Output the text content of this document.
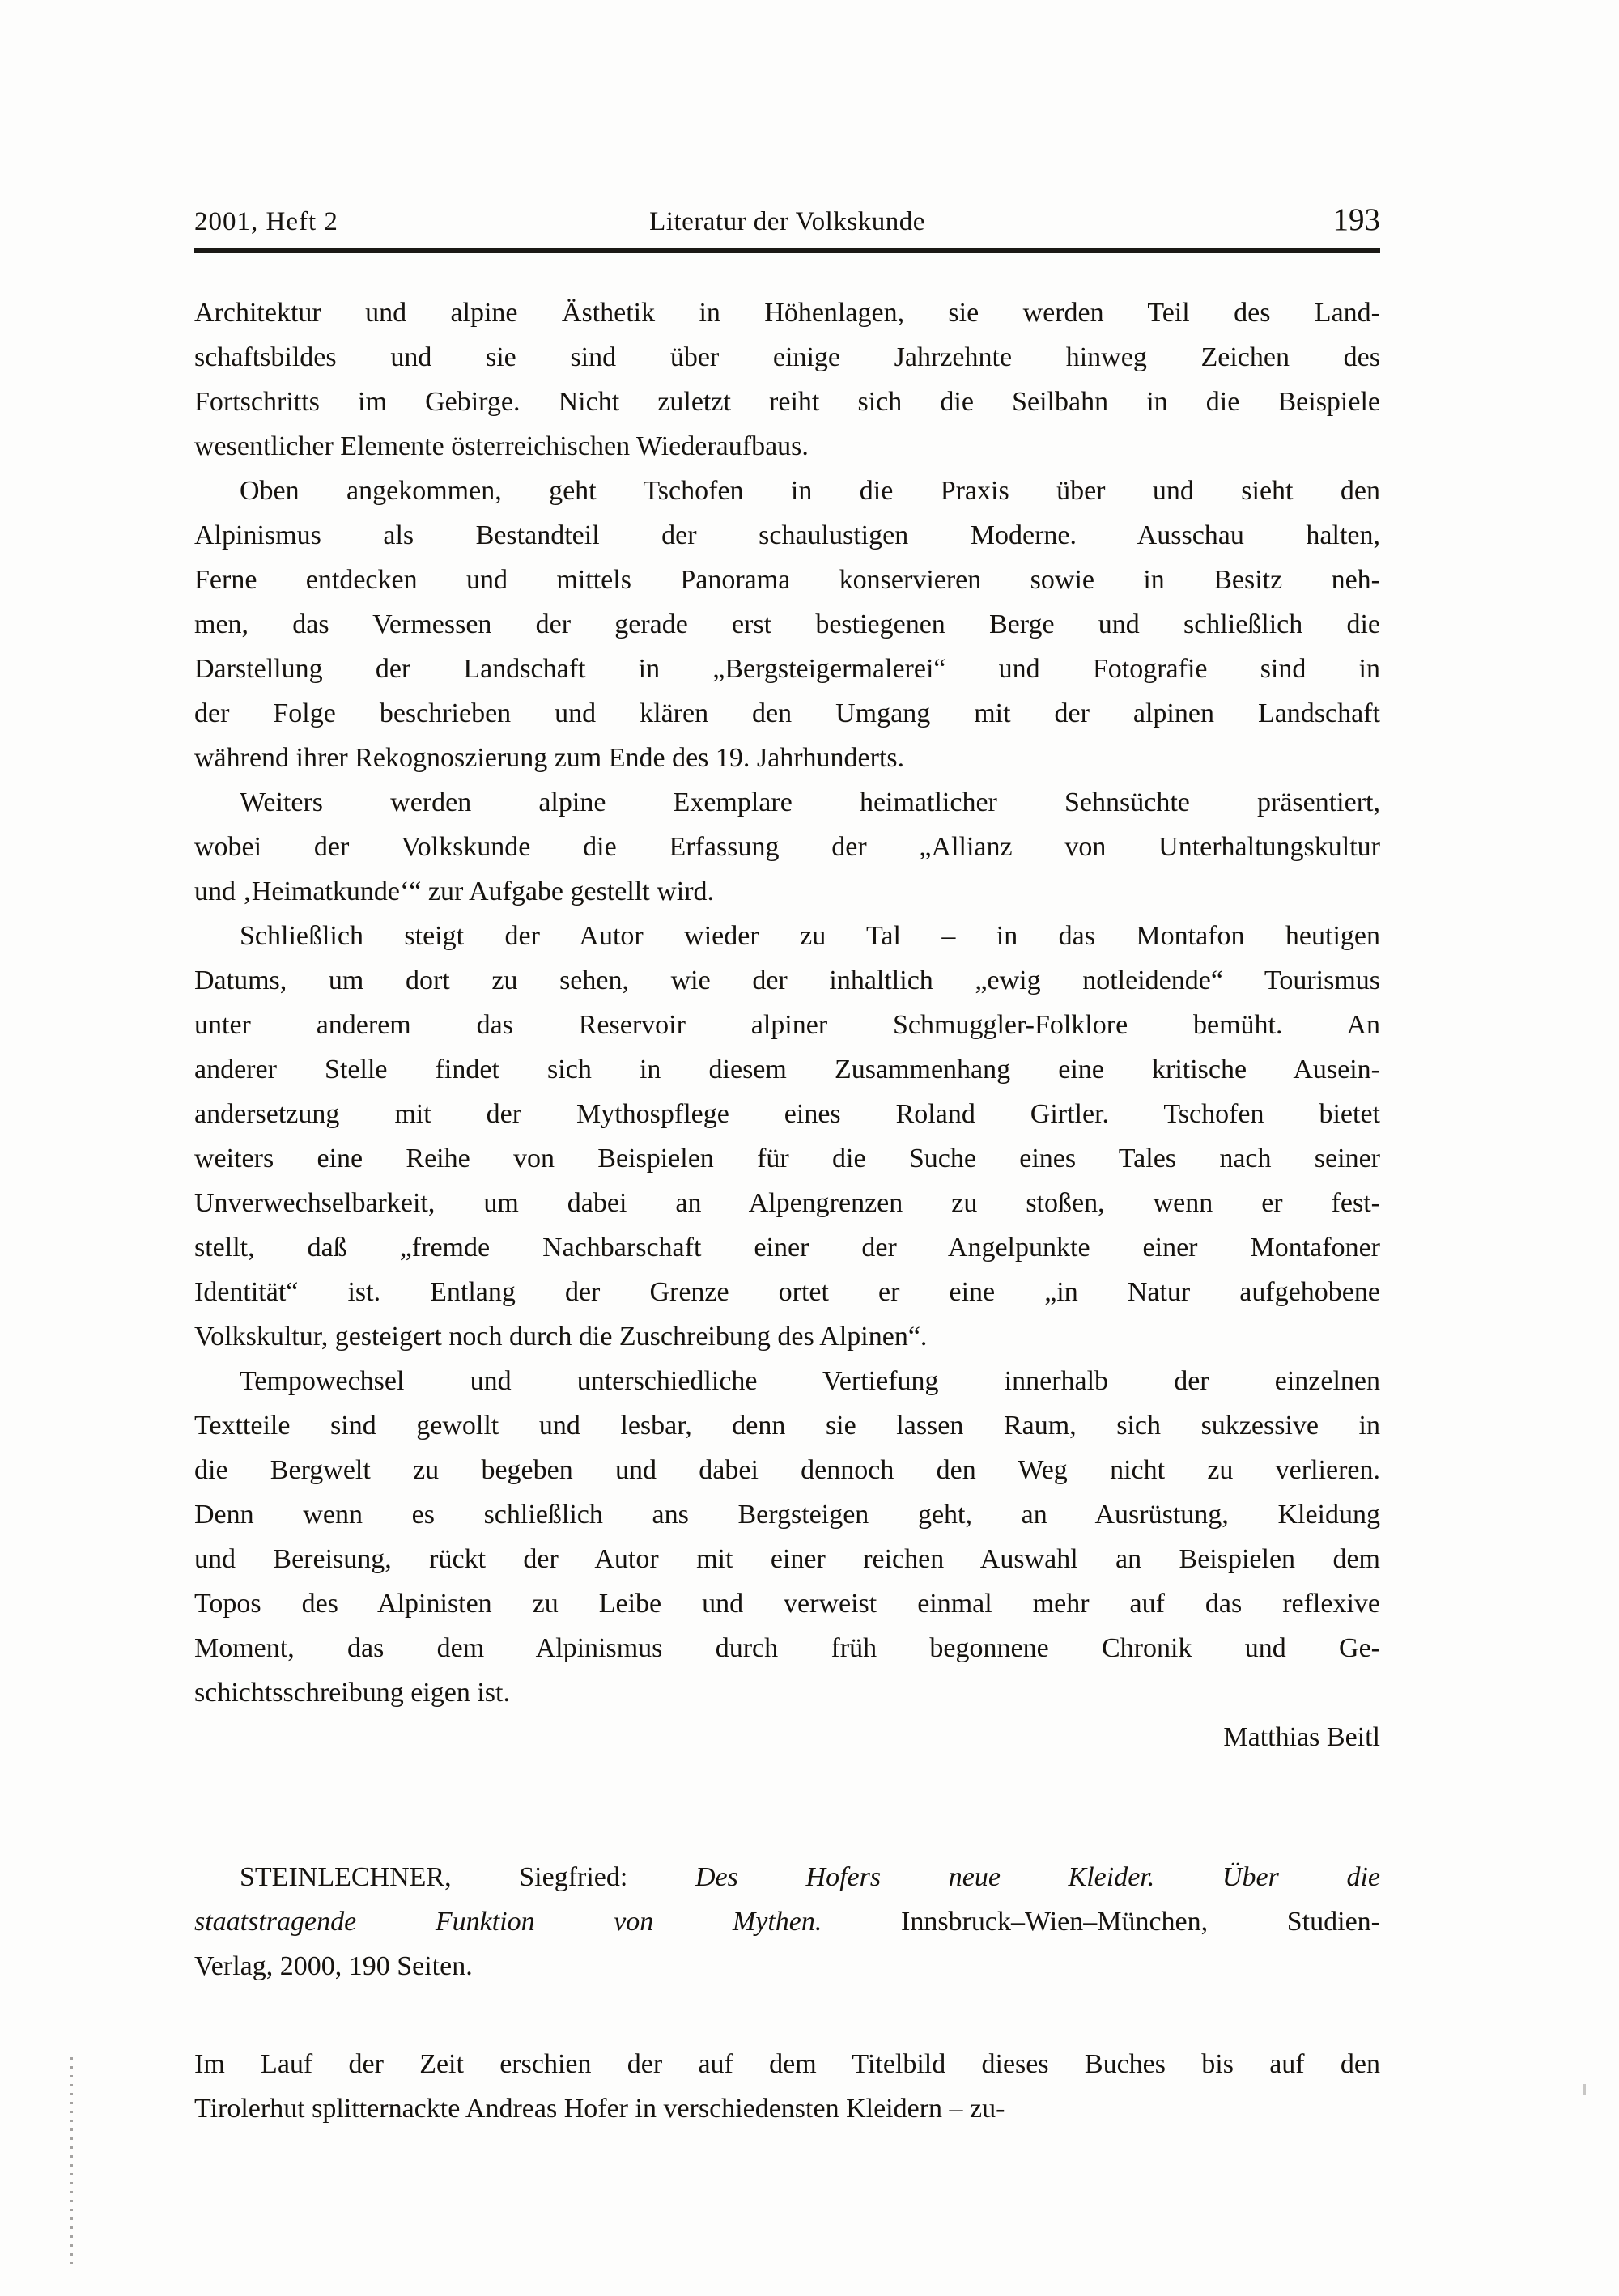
2001, Heft 2	Literatur der Volkskunde	193
Architektur und alpine Ästhetik in Höhenlagen, sie werden Teil des Land-
schaftsbildes und sie sind über einige Jahrzehnte hinweg Zeichen des
Fortschritts im Gebirge. Nicht zuletzt reiht sich die Seilbahn in die Beispiele
wesentlicher Elemente österreichischen Wiederaufbaus.
Oben angekommen, geht Tschofen in die Praxis über und sieht den
Alpinismus als Bestandteil der schaulustigen Moderne. Ausschau halten,
Ferne entdecken und mittels Panorama konservieren sowie in Besitz neh-
men, das Vermessen der gerade erst bestiegenen Berge und schließlich die
Darstellung der Landschaft in „Bergsteigermalerei“ und Fotografie sind in
der Folge beschrieben und klären den Umgang mit der alpinen Landschaft
während ihrer Rekognoszierung zum Ende des 19. Jahrhunderts.
Weiters werden alpine Exemplare heimatlicher Sehnsüchte präsentiert,
wobei der Volkskunde die Erfassung der „Allianz von Unterhaltungskultur
und ‚Heimatkunde‘“ zur Aufgabe gestellt wird.
Schließlich steigt der Autor wieder zu Tal – in das Montafon heutigen
Datums, um dort zu sehen, wie der inhaltlich „ewig notleidende“ Tourismus
unter anderem das Reservoir alpiner Schmuggler-Folklore bemüht. An
anderer Stelle findet sich in diesem Zusammenhang eine kritische Ausein-
andersetzung mit der Mythospflege eines Roland Girtler. Tschofen bietet
weiters eine Reihe von Beispielen für die Suche eines Tales nach seiner
Unverwechselbarkeit, um dabei an Alpengrenzen zu stoßen, wenn er fest-
stellt, daß „fremde Nachbarschaft einer der Angelpunkte einer Montafoner
Identität“ ist. Entlang der Grenze ortet er eine „in Natur aufgehobene
Volkskultur, gesteigert noch durch die Zuschreibung des Alpinen“.
Tempowechsel und unterschiedliche Vertiefung innerhalb der einzelnen
Textteile sind gewollt und lesbar, denn sie lassen Raum, sich sukzessive in
die Bergwelt zu begeben und dabei dennoch den Weg nicht zu verlieren.
Denn wenn es schließlich ans Bergsteigen geht, an Ausrüstung, Kleidung
und Bereisung, rückt der Autor mit einer reichen Auswahl an Beispielen dem
Topos des Alpinisten zu Leibe und verweist einmal mehr auf das reflexive
Moment, das dem Alpinismus durch früh begonnene Chronik und Ge-
schichtsschreibung eigen ist.
Matthias Beitl
STEINLECHNER, Siegfried: Des Hofers neue Kleider. Über die
staatstragende Funktion von Mythen. Innsbruck–Wien–München, Studien-
Verlag, 2000, 190 Seiten.
Im Lauf der Zeit erschien der auf dem Titelbild dieses Buches bis auf den
Tirolerhut splitternackte Andreas Hofer in verschiedensten Kleidern – zu-
